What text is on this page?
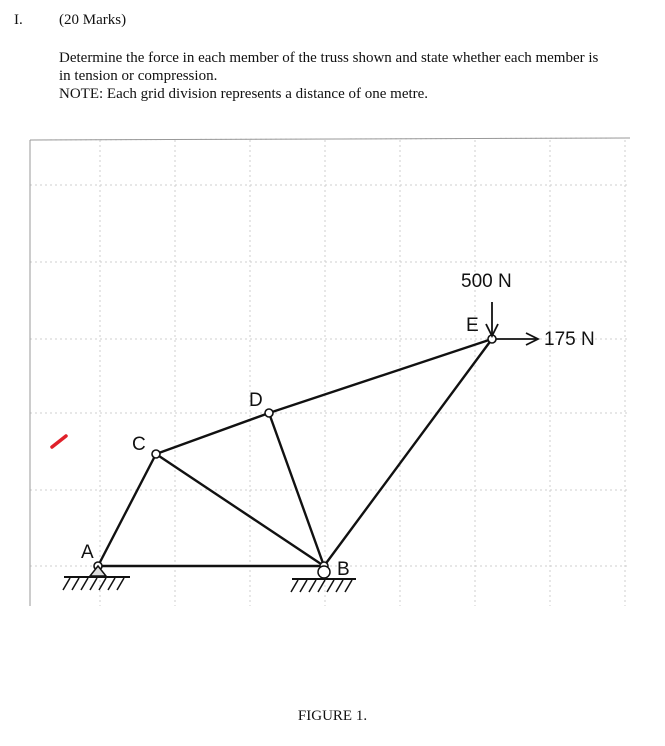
I. (20 Marks)

Determine the force in each member of the truss shown and state whether each member is

in tension or compression.

NOTE: Each grid division represents a distance of one metre.

A
B
C
D
E
500 N
175 N
FIGURE 1.
